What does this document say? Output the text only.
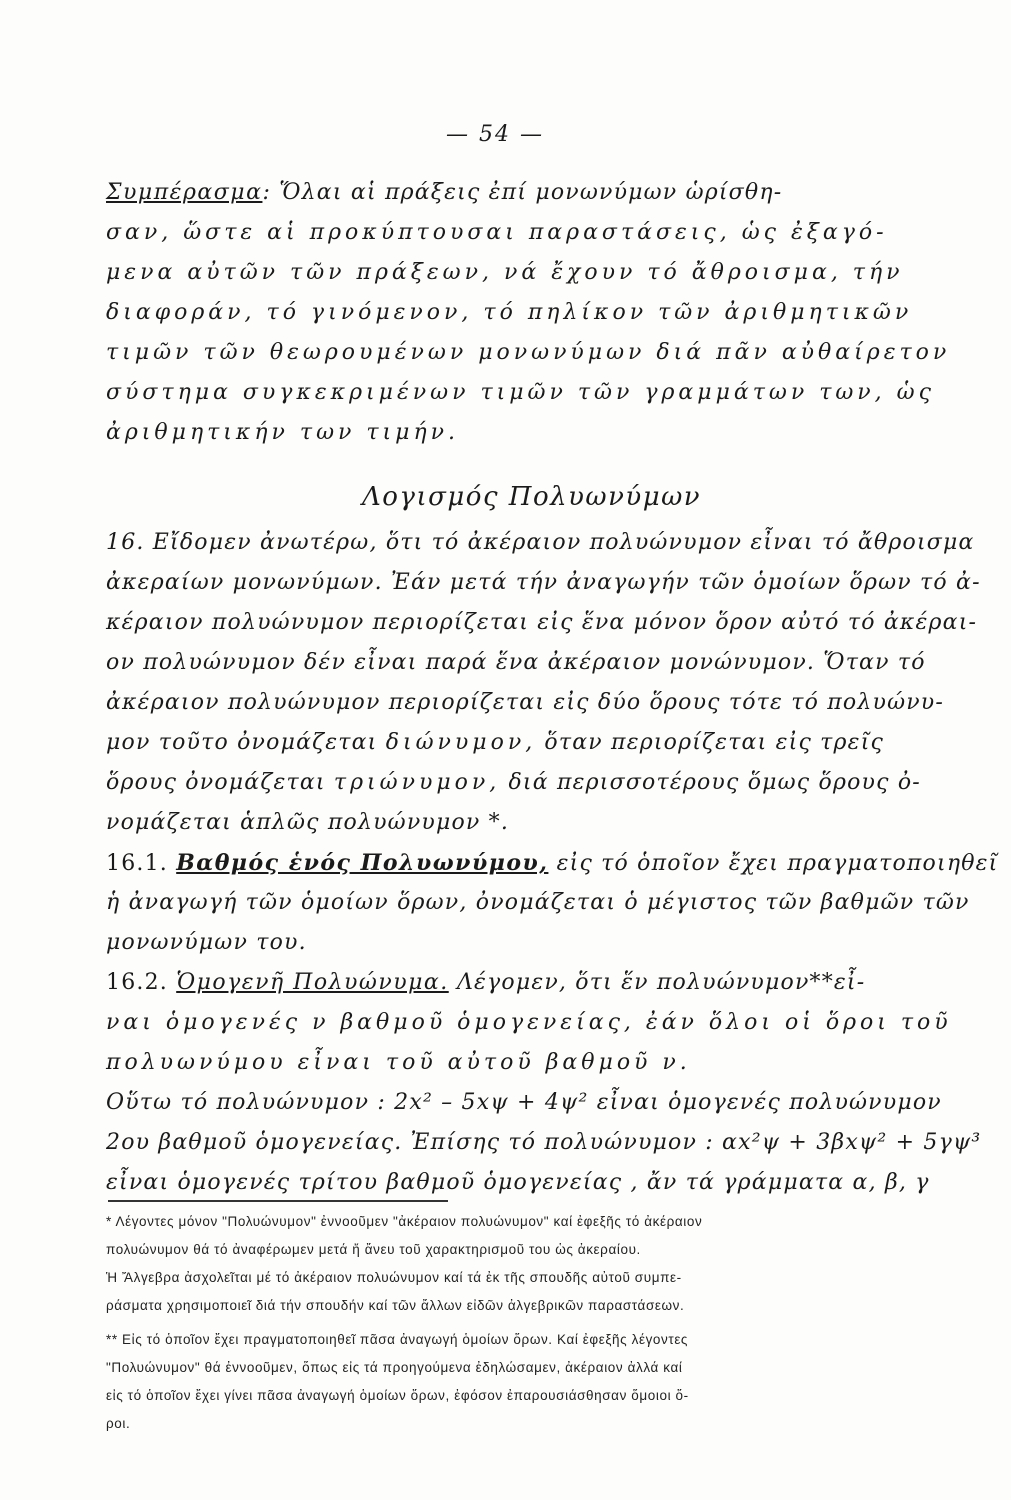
— 54 —
Συμπέρασμα: Ὅλαι αἱ πράξεις ἐπί μονωνύμων ὡρίσθη-
σαν, ὥστε αἱ προκύπτουσαι παραστάσεις, ὡς ἐξαγό-
μενα αὐτῶν τῶν πράξεων, νά ἔχουν τό ἄθροισμα, τήν
διαφοράν, τό γινόμενον, τό πηλίκον τῶν ἀριθμητικῶν
τιμῶν τῶν θεωρουμένων μονωνύμων διά πᾶν αὐθαίρετον
σύστημα συγκεκριμένων τιμῶν τῶν γραμμάτων των, ὡς
ἀριθμητικήν των τιμήν.
Λογισμός Πολυωνύμων
16. Εἴδομεν ἀνωτέρω, ὅτι τό ἀκέραιον πολυώνυμον εἶναι τό ἄθροισμα
ἀκεραίων μονωνύμων. Ἐάν μετά τήν ἀναγωγήν τῶν ὁμοίων ὅρων τό ἀ-
κέραιον πολυώνυμον περιορίζεται εἰς ἕνα μόνον ὅρον αὐτό τό ἀκέραι-
ον πολυώνυμον δέν εἶναι παρά ἕνα ἀκέραιον μονώνυμον. Ὅταν τό
ἀκέραιον πολυώνυμον περιορίζεται εἰς δύο ὅρους τότε τό πολυώνυ-
μον τοῦτο ὀνομάζεται διώνυμον, ὅταν περιορίζεται εἰς τρεῖς
ὅρους ὀνομάζεται τριώνυμον, διά περισσοτέρους ὅμως ὅρους ὀ-
νομάζεται ἁπλῶς πολυώνυμον *.
16.1. Βαθμός ἑνός Πολυωνύμου, εἰς τό ὁποῖον ἔχει πραγματοποιηθεῖ
ἡ ἀναγωγή τῶν ὁμοίων ὅρων, ὀνομάζεται ὁ μέγιστος τῶν βαθμῶν τῶν
μονωνύμων του.
16.2. Ὁμογενῆ Πολυώνυμα. Λέγομεν, ὅτι ἕν πολυώνυμον**εἶ-
ναι ὁμογενές ν βαθμοῦ ὁμογενείας, ἐάν ὅλοι οἱ ὅροι τοῦ
πολυωνύμου εἶναι τοῦ αὐτοῦ βαθμοῦ ν.
Οὕτω τό πολυώνυμον : 2x² – 5xψ + 4ψ² εἶναι ὁμογενές πολυώνυμον
2ου βαθμοῦ ὁμογενείας. Ἐπίσης τό πολυώνυμον : αx²ψ + 3βxψ² + 5γψ³
εἶναι ὁμογενές τρίτου βαθμοῦ ὁμογενείας , ἄν τά γράμματα α, β, γ
* Λέγοντες μόνον "Πολυώνυμον" ἐννοοῦμεν "ἀκέραιον πολυώνυμον" καί ἐφεξῆς τό ἀκέραιον
πολυώνυμον θά τό ἀναφέρωμεν μετά ἤ ἄνευ τοῦ χαρακτηρισμοῦ του ὡς ἀκεραίου.
Ἡ Ἄλγεβρα ἀσχολεῖται μέ τό ἀκέραιον πολυώνυμον καί τά ἐκ τῆς σπουδῆς αὐτοῦ συμπε-
ράσματα χρησιμοποιεῖ διά τήν σπουδήν καί τῶν ἄλλων εἰδῶν ἀλγεβρικῶν παραστάσεων.
** Εἰς τό ὁποῖον ἔχει πραγματοποιηθεῖ πᾶσα ἀναγωγή ὁμοίων ὅρων. Καί ἐφεξῆς λέγοντες
"Πολυώνυμον" θά ἐννοοῦμεν, ὅπως εἰς τά προηγούμενα ἐδηλώσαμεν, ἀκέραιον ἀλλά καί
εἰς τό ὁποῖον ἔχει γίνει πᾶσα ἀναγωγή ὁμοίων ὅρων, ἐφόσον ἐπαρουσιάσθησαν ὅμοιοι ὅ-
ροι.
